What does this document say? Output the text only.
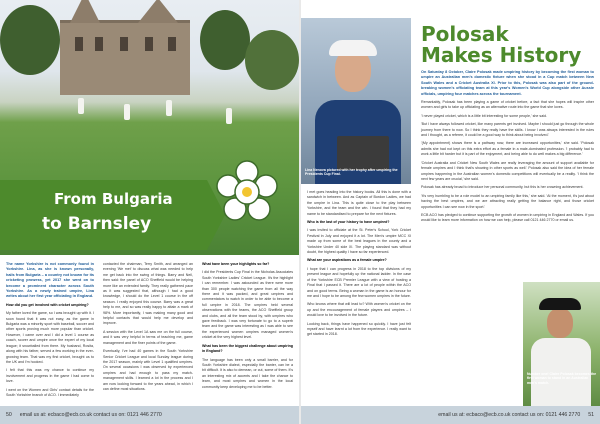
From Bulgaria
to Barnsley

The name Yorkshire is not commonly found in Yorkshire. Lina, as she is known personally, hails from Bulgaria – a country not known for its cricketing prowess, yet 2017 she went on to become a prominent character across South Yorkshire. As a newly trained umpire, Lina writes about her first year officiating in England.

How did you get involved with cricket umpiring?

My father loved the game, so I was brought up with it. I soon found that it was not easy, as the game in Bulgaria was a minority sport with baseball, soccer and other sports proving much more popular than cricket. However, I came over and I did a level 1 course as coach, scorer and umpire once the expert of my local league; it snowballed from there. My husband, Rosita, along with his father, served a few working in the ever-growing team. That was my first cricket, brought us to the UK and I'm hooked.

I felt that this was my chance to continue my involvement and progress in the game I had come to love.

I went on the Women and Girls' contact details for the South Yorkshire branch of ACO. I immediately

contacted the chairman, Terry Smith, and arranged an evening 'We met' to discuss what was needed to help me get back into the swing of things. Barry and Neil, then said: the panel of ACO Sheffield would be helping more like an extended family. They really gathered pace as it was suggested that, although I had a good knowledge, I should do the Level 1 course in the off season. I really enjoyed this course. Barry was a great help to me, and so was really happy to attain a mark of 98%. More importantly, I was making many good and helpful contacts that would help me develop and improve.

A session with the Level 1A saw me on the full course, and it was very helpful in terms of teaching me, game management and the finer points of the game.

Eventually, I've had 40 games in the South Yorkshire Senior Cricket League and local Sunday league during the 2017 season, mainly with Level 1 qualified umpires. On several occasions I was observed by experienced umpires and had enough to pass my match-management skills. I learned a lot in the process and I am now looking forward to the years ahead, in which I can define most situations.

What have been your highlights so far?

I did the Presidents Cup Final in the Nicholas Associates South Yorkshire Ladies' Cricket League. It's the highlight I can remember. I was astounded as there were more than 300 people watching the game from all the way there and it was packed, and great umpires and commentators to watch in order to be able to become a full umpire in 2018. The umpires held several observations with the teams, the ACO Sheffield group and clubs, and all the team stood by, with umpires who gave feedback. I was very fortunate to go to a superb team and the game was interesting as I was able to see the experienced women umpires managed women's cricket at the very highest level.

What has been the biggest challenge about umpiring in England?

The language has been only a small barrier, and for South Yorkshire dialect, especially the banter, can be a bit difficult. It is also to demean, or cut, some of them. It's an interesting mix of accents and I take the chance to learn, and most umpires and women in the local community keep developing me to be better.

50 email us at: ecbaco@ecb.co.uk contact us on: 0121 446 2770
Lina Nenova pictured with her trophy after umpiring the Presidents Cup Final.
Polosak
Makes History

I met goes heading into the history books. All this is done with a sandwich in between. And as Captain of Bordon Ladies, we had the umpire in Lina. This is quite close to the play between Yorkshire, and the team and the win. I found that they had my name to be standardised to prepare for the next fixtures.

Who is the last of your history to have umpired?

I was invited to officiate at the St. Peter's School, York Cricket Festival in July and enjoyed it a lot. The Men's umpire MCC XI made up from some of the best leagues in the county and a Yorkshire Under 40 side XI. The playing standard was without doubt, the highest quality I have so far experienced.

What are your aspirations as a female umpire?

I hope that I can progress in 2018 to the top divisions of my present league and hopefully up the national ladder. In the case of the Yorkshire ECB Premier League with a view of hosting a Final that I passed it. There are a lot of people within the ACO and on good terms. Being a woman in the game is an honour for me and I hope to be among the few women umpires in the future.

Who knows where that will lead to? With women's cricket on the up and the encouragement of female players and umpires – I would love to be involved in the future.

Looking back, things have happened so quickly. I have just felt myself and have learnt a lot from the experience. I really want to get started in 2018.

On Saturday 8 October, Claire Polosak made umpiring history by becoming the first woman to umpire an Australian men's domestic fixture when she stood in a Cup match between New South Wales and a Cricket Australia XI. Prior to this, Polosak was also part of the ground-breaking women's officiating team at this year's Women's World Cup alongside other Aussie officials, umpiring four matches across the tournament.

Remarkably, Polosak has been playing a game of cricket before, a fact that she hopes will inspire other women and girls to take up officiating as an alternative route into the game that she loves.

'I never played cricket, which is a little bit interesting for some people,' she said.

'But I have always followed cricket, like many parents get involved. Maybe I should just go through the whole journey from there to now. So I think they really have the skills. I know I was always interested in the rules and I thought, as a referee, it could be a good way to think about being involved.'

'(My appointment) shows there is a pathway now, there are increased opportunities,' she said. 'Polosak admits she had not kept on this extra effort as a female in a male-dominated profession. 'I probably had to work a little bit harder but it is part of the enjoyment, and being able to do well makes a big difference.'

'Cricket Australia and Cricket New South Wales are really leveraging the amount of support available for female umpires and I think that's showing in other sports as well.' Polosak also said the idea of her female umpires happening in the Australian women's domestic competitions will eventually be a reality. 'I think the next few years are crucial,' she said.

Polosak has already broad to introduce her personal community, but this is her crowning achievement.

'It's very humbling to be a role model to an umpiring family like this,' she said. 'At the moment, it's just about having the best umpires, and we are attracting really getting the balance right, and those cricket opportunities I can see now in the sport.'

ECB ACO has pledged to continue supporting the growth of women in umpiring in England and Wales. If you would like to learn more information on how we can help, please call 0121 446 2770 or email us.

Number one! Claire Polosak becomes the first woman to stand in an Australian men's match.
email us at: ecbaco@ecb.co.uk contact us on: 0121 446 2770 51
